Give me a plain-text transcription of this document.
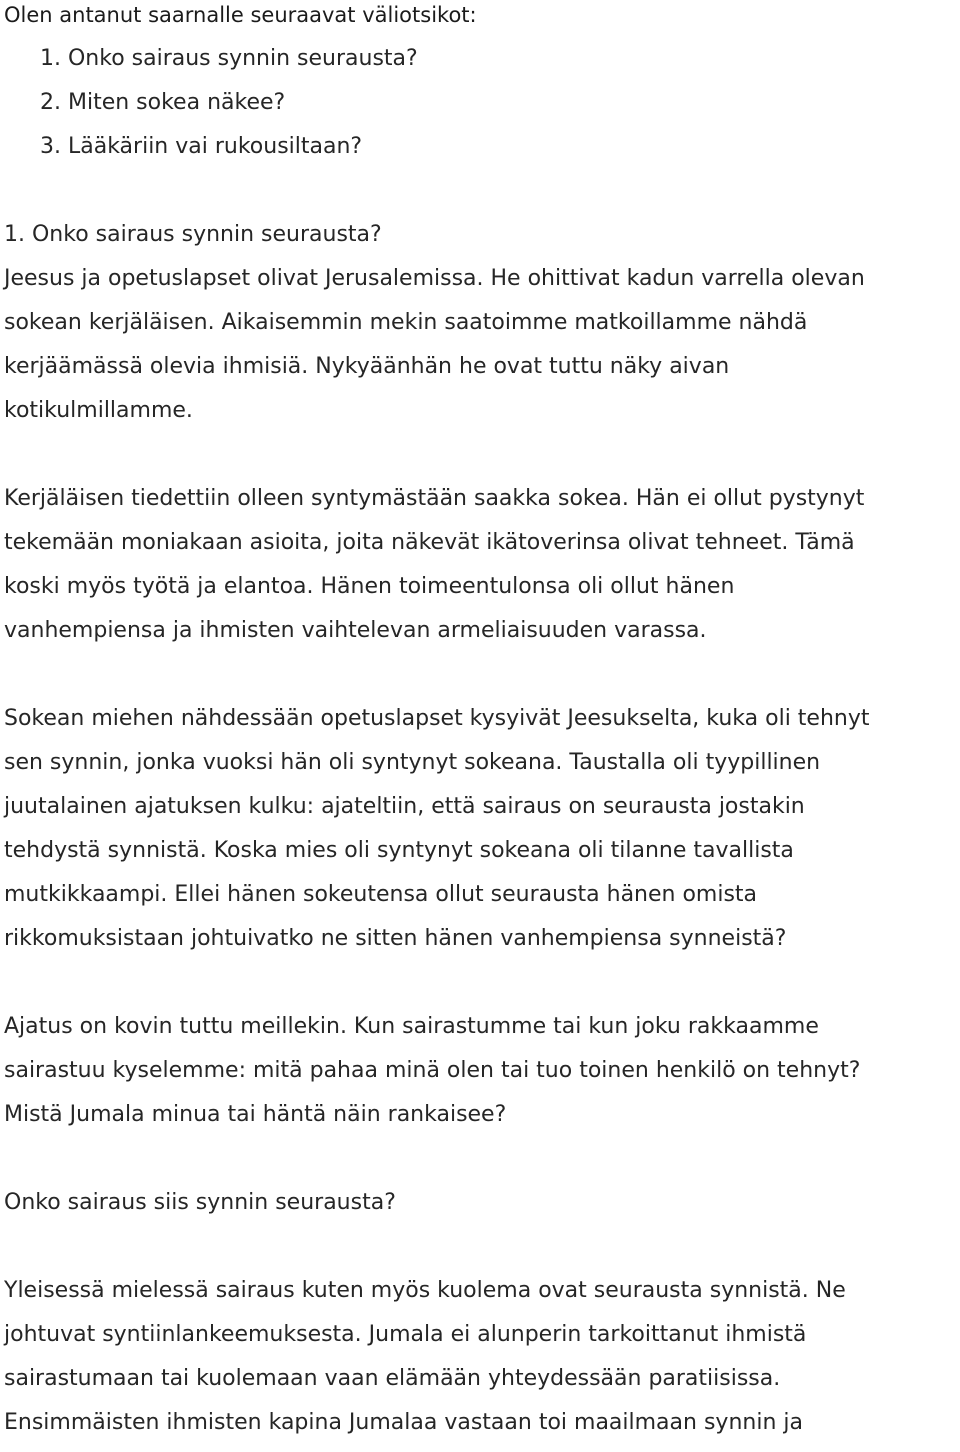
Olen antanut saarnalle seuraavat väliotsikot:
1. Onko sairaus synnin seurausta?
2. Miten sokea näkee?
3. Lääkäriin vai rukousiltaan?
1. Onko sairaus synnin seurausta?
Jeesus ja opetuslapset olivat Jerusalemissa. He ohittivat kadun varrella olevan
sokean kerjäläisen. Aikaisemmin mekin saatoimme matkoillamme nähdä
kerjäämässä olevia ihmisiä. Nykyäänhän he ovat tuttu näky aivan
kotikulmillamme.
Kerjäläisen tiedettiin olleen syntymästään saakka sokea. Hän ei ollut pystynyt
tekemään moniakaan asioita, joita näkevät ikätoverinsa olivat tehneet. Tämä
koski myös työtä ja elantoa. Hänen toimeentulonsa oli ollut hänen
vanhempiensa ja ihmisten vaihtelevan armeliaisuuden varassa.
Sokean miehen nähdessään opetuslapset kysyivät Jeesukselta, kuka oli tehnyt
sen synnin, jonka vuoksi hän oli syntynyt sokeana. Taustalla oli tyypillinen
juutalainen ajatuksen kulku: ajateltiin, että sairaus on seurausta jostakin
tehdystä synnistä. Koska mies oli syntynyt sokeana oli tilanne tavallista
mutkikkaampi. Ellei hänen sokeutensa ollut seurausta hänen omista
rikkomuksistaan johtuivatko ne sitten hänen vanhempiensa synneistä?
Ajatus on kovin tuttu meillekin. Kun sairastumme tai kun joku rakkaamme
sairastuu kyselemme: mitä pahaa minä olen tai tuo toinen henkilö on tehnyt?
Mistä Jumala minua tai häntä näin rankaisee?
Onko sairaus siis synnin seurausta?
Yleisessä mielessä sairaus kuten myös kuolema ovat seurausta synnistä. Ne
johtuvat syntiinlankeemuksesta. Jumala ei alunperin tarkoittanut ihmistä
sairastumaan tai kuolemaan vaan elämään yhteydessään paratiisissa.
Ensimmäisten ihmisten kapina Jumalaa vastaan toi maailmaan synnin ja
